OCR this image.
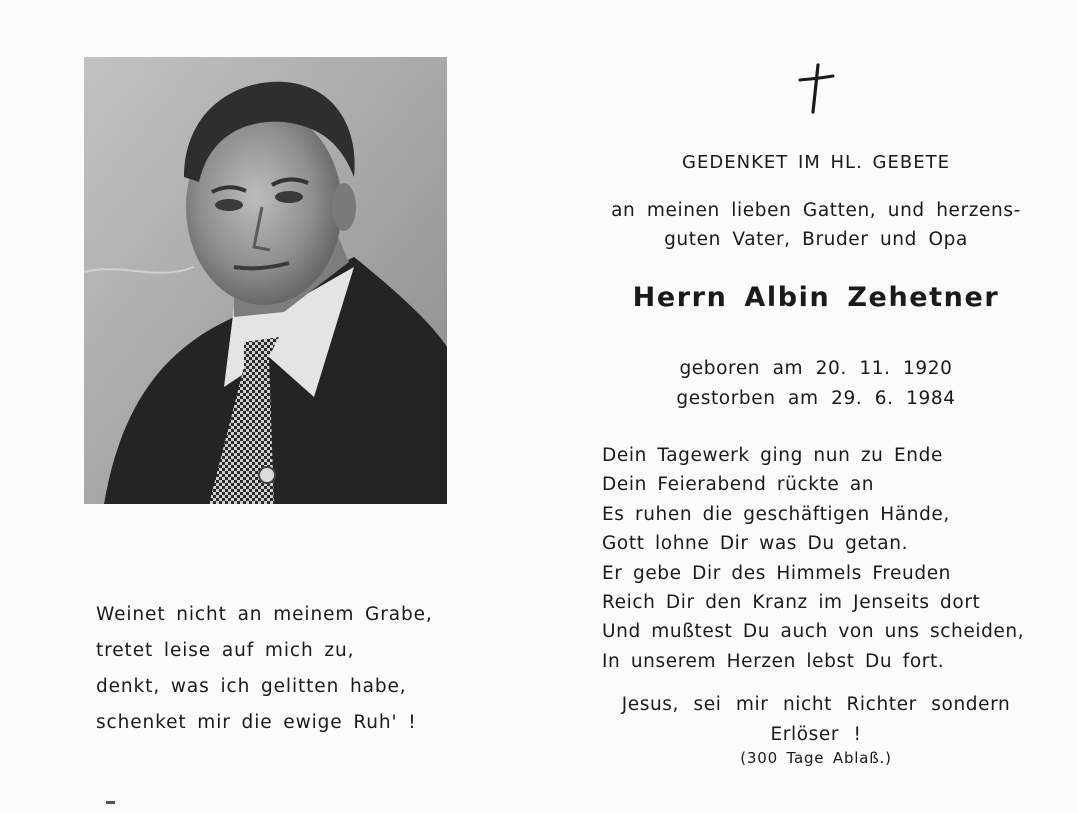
Weinet nicht an meinem Grabe,
tretet leise auf mich zu,
denkt, was ich gelitten habe,
schenket mir die ewige Ruh' !
GEDENKET IM HL. GEBETE
an meinen lieben Gatten, und herzens-
guten Vater, Bruder und Opa
Herrn Albin Zehetner
geboren am 20. 11. 1920
gestorben am 29. 6. 1984
Dein Tagewerk ging nun zu Ende
Dein Feierabend rückte an
Es ruhen die geschäftigen Hände,
Gott lohne Dir was Du getan.
Er gebe Dir des Himmels Freuden
Reich Dir den Kranz im Jenseits dort
Und mußtest Du auch von uns scheiden,
In unserem Herzen lebst Du fort.
Jesus, sei mir nicht Richter sondern
Erlöser !
(300 Tage Ablaß.)
